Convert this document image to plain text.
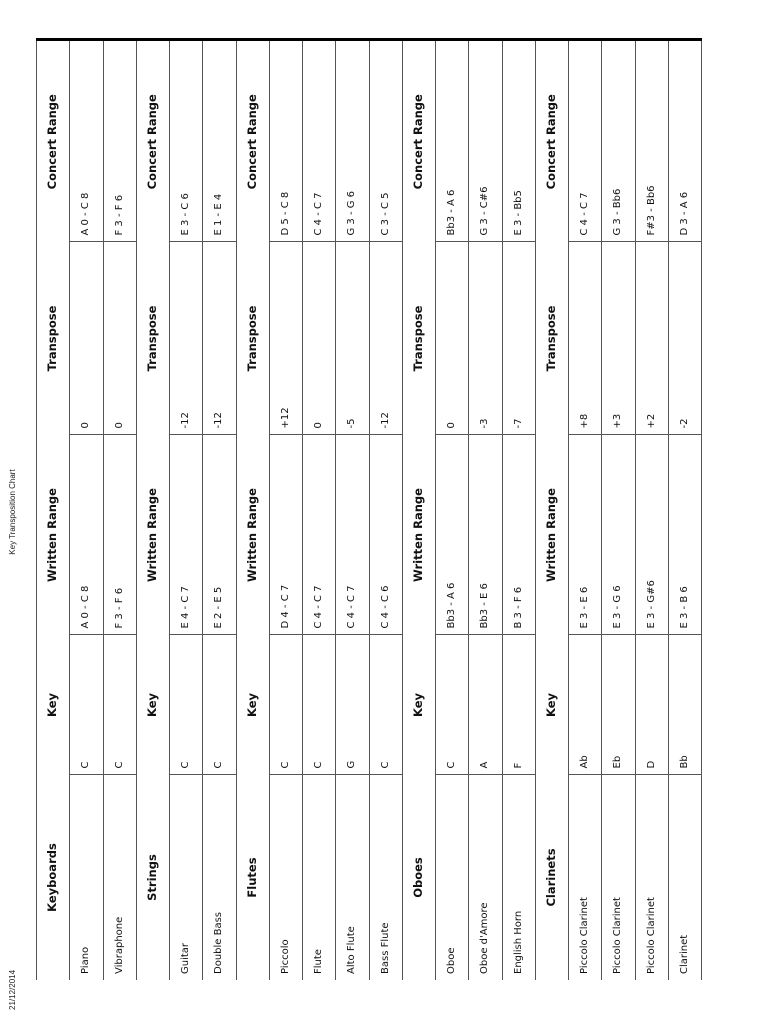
21/12/2014
Key Transposition Chart
Keyboards	Key	Written Range	Transpose	Concert Range
Piano	C	A 0 - C 8	0	A 0 - C 8
Vibraphone	C	F 3 - F 6	0	F 3 - F 6
Strings	Key	Written Range	Transpose	Concert Range
Guitar	C	E 4 - C 7	-12	E 3 - C 6
Double Bass	C	E 2 - E 5	-12	E 1 - E 4
Flutes	Key	Written Range	Transpose	Concert Range
Piccolo	C	D 4 - C 7	+12	D 5 - C 8
Flute	C	C 4 - C 7	0	C 4 - C 7
Alto Flute	G	C 4 - C 7	-5	G 3 - G 6
Bass Flute	C	C 4 - C 6	-12	C 3 - C 5
Oboes	Key	Written Range	Transpose	Concert Range
Oboe	C	Bb3 - A 6	0	Bb3 - A 6
Oboe d'Amore	A	Bb3 - E 6	-3	G 3 - C#6
English Horn	F	B 3 - F 6	-7	E 3 - Bb5
Clarinets	Key	Written Range	Transpose	Concert Range
Piccolo Clarinet	Ab	E 3 - E 6	+8	C 4 - C 7
Piccolo Clarinet	Eb	E 3 - G 6	+3	G 3 - Bb6
Piccolo Clarinet	D	E 3 - G#6	+2	F#3 - Bb6
Clarinet	Bb	E 3 - B 6	-2	D 3 - A 6
